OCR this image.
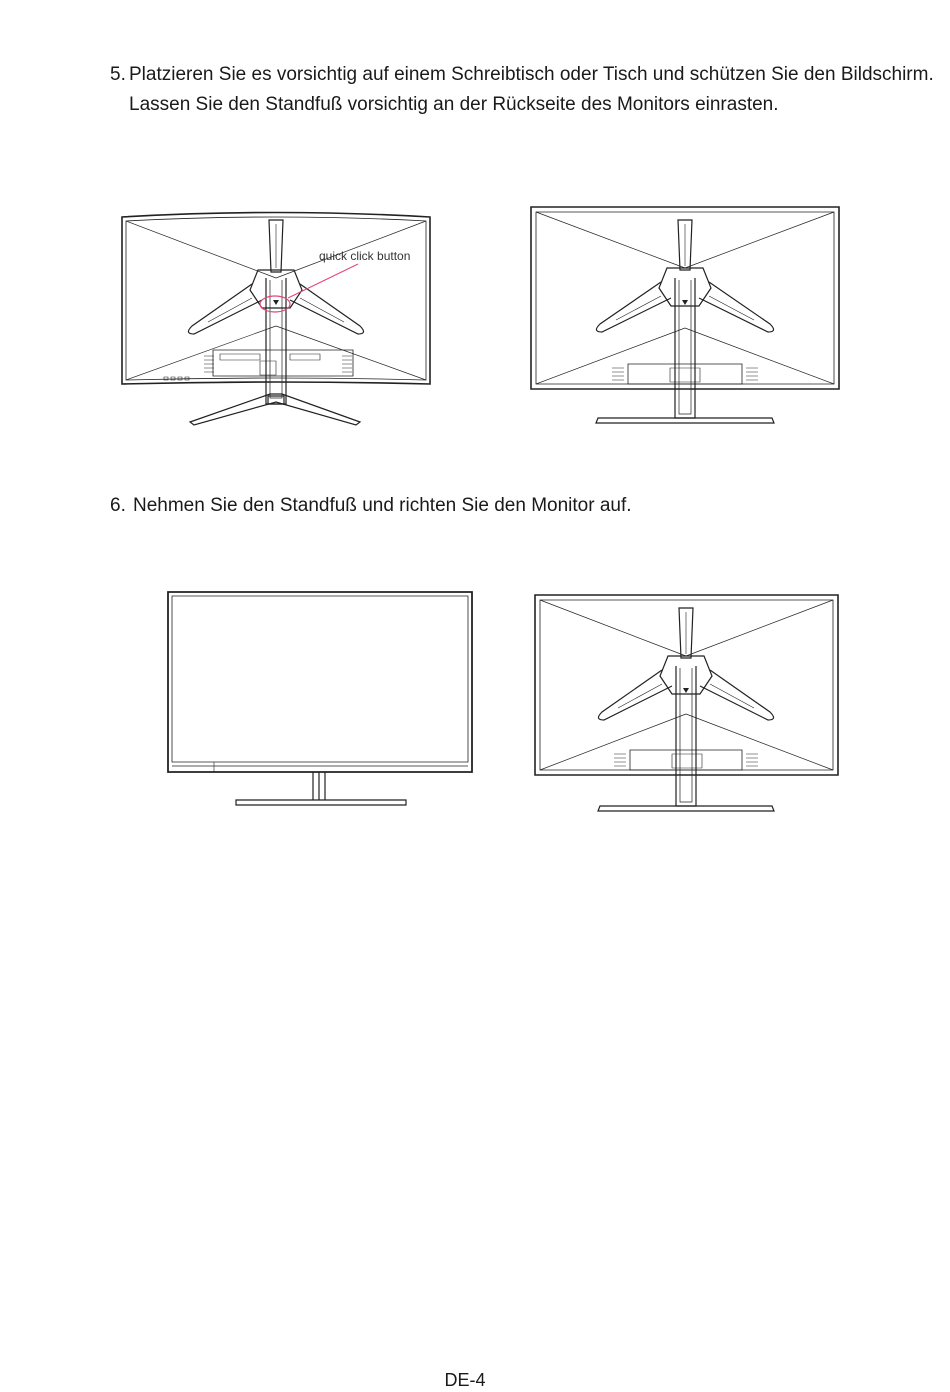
5. Platzieren Sie es vorsichtig auf einem Schreibtisch oder Tisch und schützen Sie den Bildschirm. Lassen Sie den Standfuß vorsichtig an der Rückseite des Monitors einrasten.
quick click button
6. Nehmen Sie den Standfuß und richten Sie den Monitor auf.
DE-4
